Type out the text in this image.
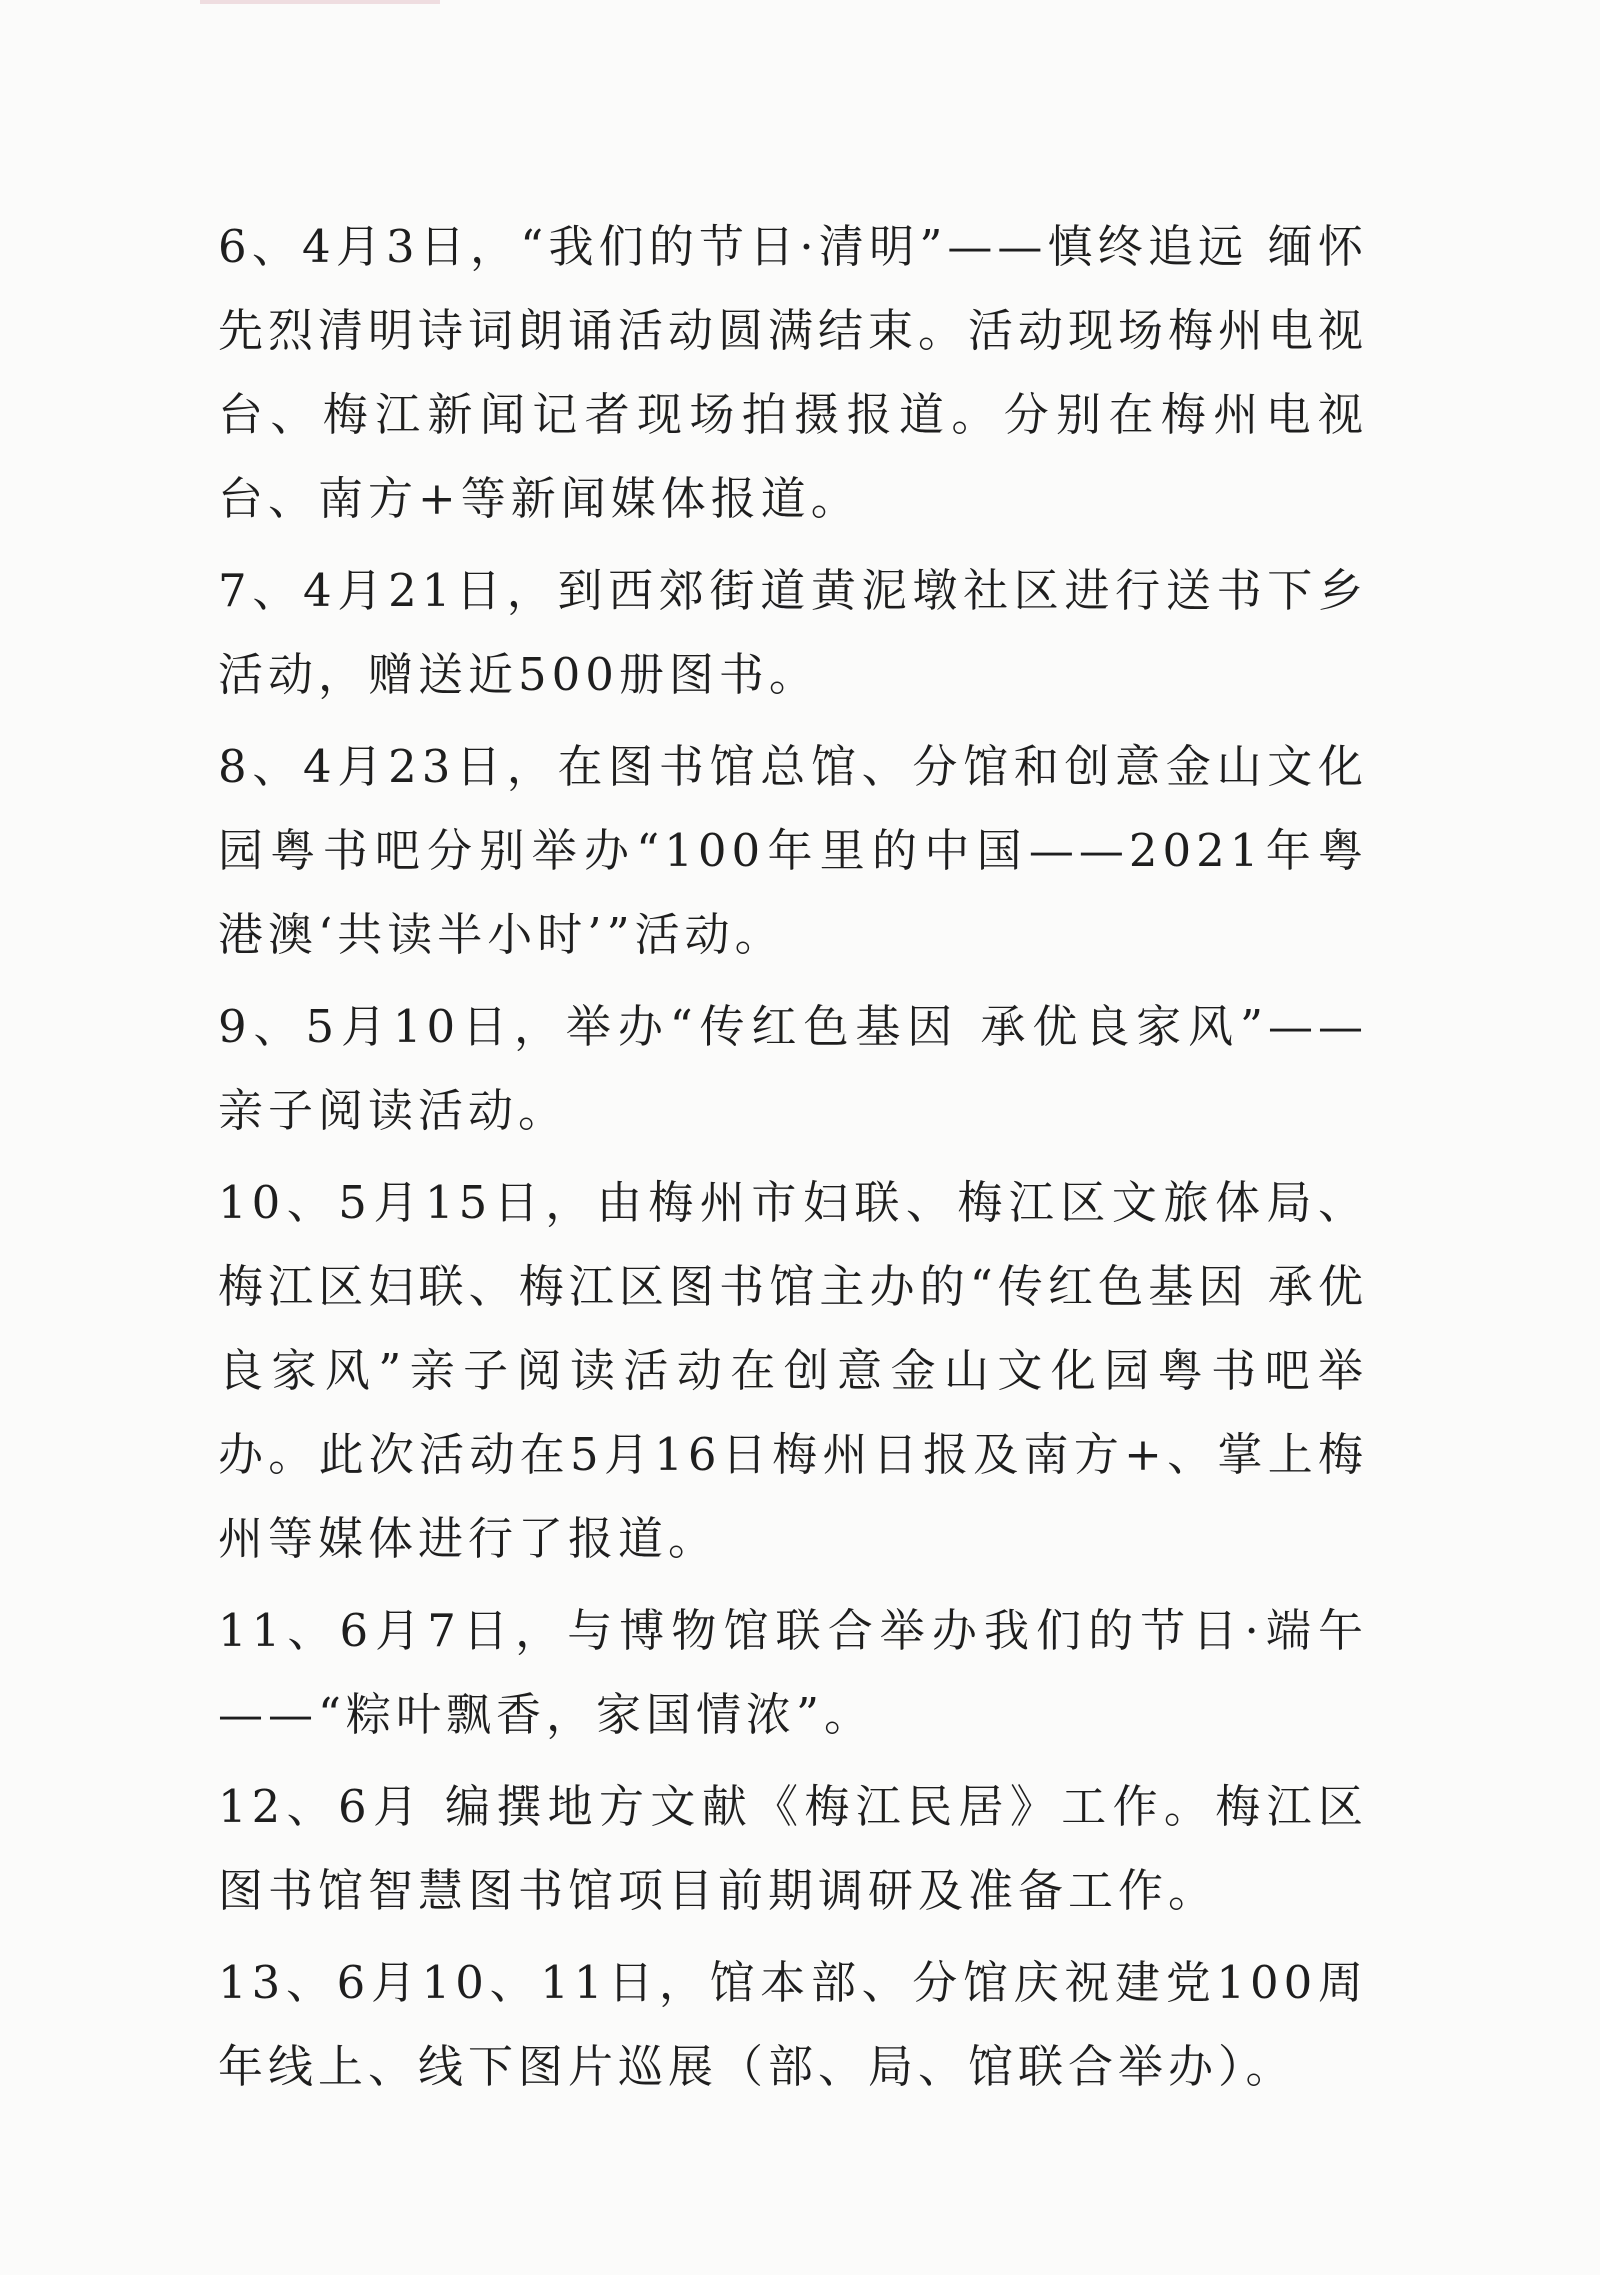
6、4月3日，“我们的节日·清明”——慎终追远 缅怀先烈清明诗词朗诵活动圆满结束。活动现场梅州电视台、梅江新闻记者现场拍摄报道。分别在梅州电视台、南方+等新闻媒体报道。

7、4月21日，到西郊街道黄泥墩社区进行送书下乡活动，赠送近500册图书。

8、4月23日，在图书馆总馆、分馆和创意金山文化园粤书吧分别举办“100年里的中国——2021年粤港澳‘共读半小时’”活动。

9、5月10日，举办“传红色基因 承优良家风”——亲子阅读活动。

10、5月15日，由梅州市妇联、梅江区文旅体局、梅江区妇联、梅江区图书馆主办的“传红色基因 承优良家风”亲子阅读活动在创意金山文化园粤书吧举办。此次活动在5月16日梅州日报及南方+、掌上梅州等媒体进行了报道。

11、6月7日，与博物馆联合举办我们的节日·端午——“粽叶飘香，家国情浓”。

12、6月 编撰地方文献《梅江民居》工作。梅江区图书馆智慧图书馆项目前期调研及准备工作。

13、6月10、11日，馆本部、分馆庆祝建党100周年线上、线下图片巡展（部、局、馆联合举办）。
